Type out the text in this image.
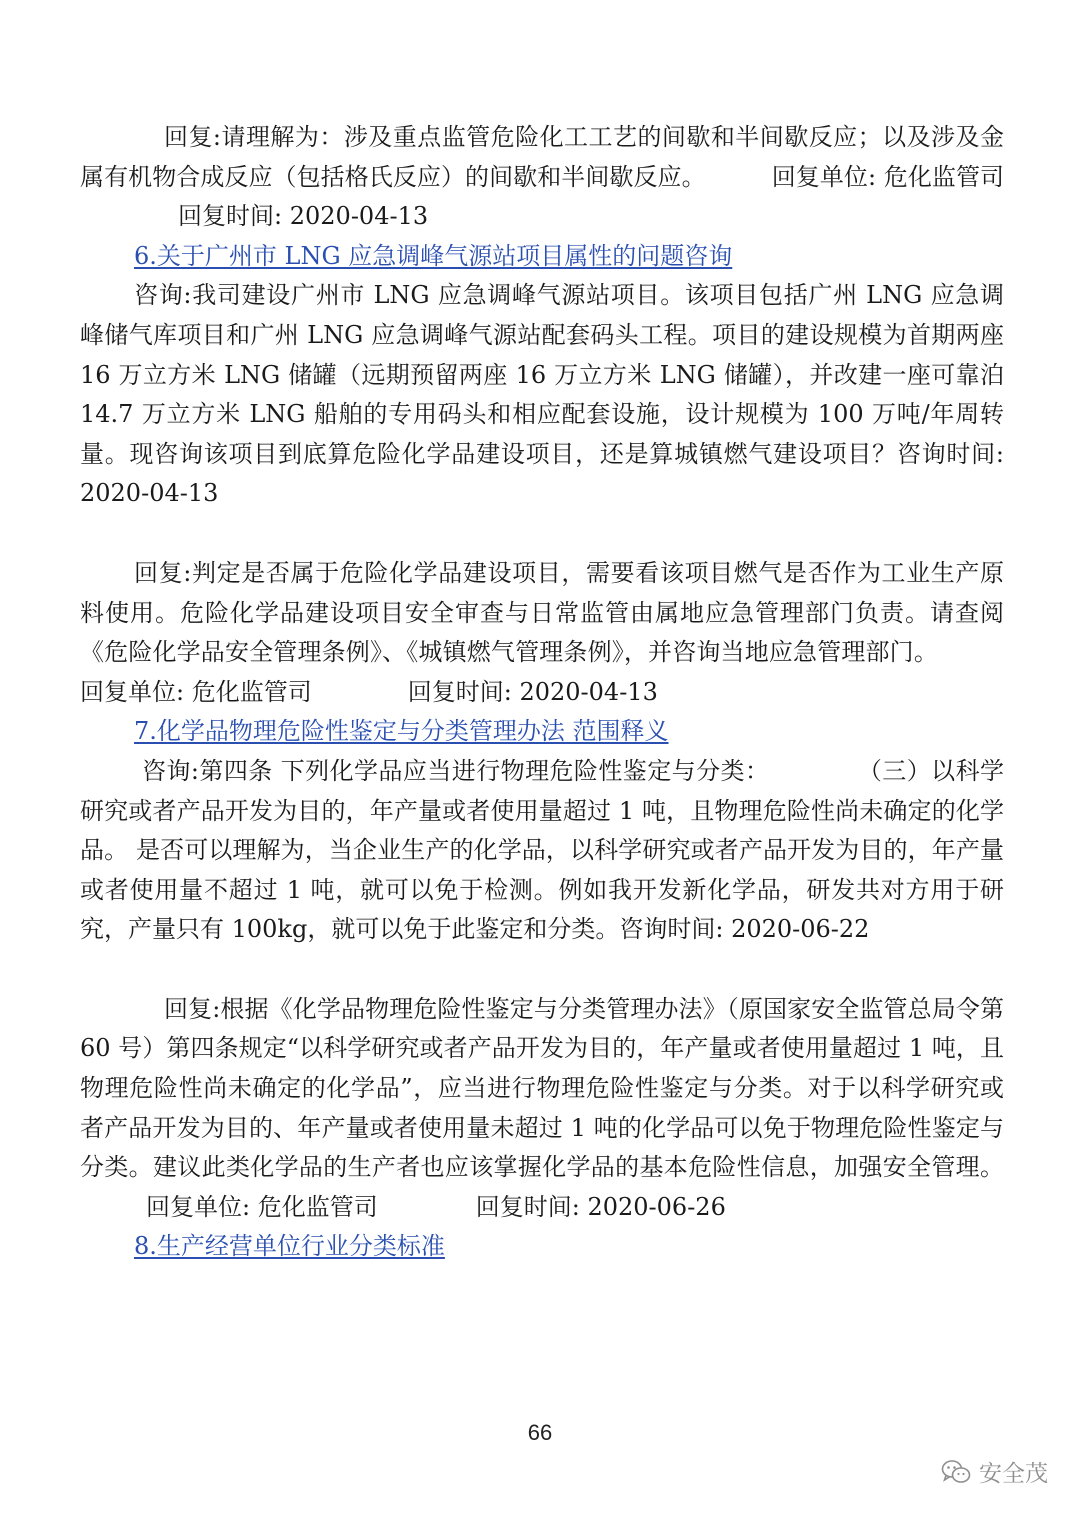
回复:请理解为：涉及重点监管危险化工工艺的间歇和半间歇反应；以及涉及金属有机物合成反应（包括格氏反应）的间歇和半间歇反应。	回复单位: 危化监管司回复时间: 2020-04-13

6.关于广州市 LNG 应急调峰气源站项目属性的问题咨询

咨询:我司建设广州市 LNG 应急调峰气源站项目。该项目包括广州 LNG 应急调峰储气库项目和广州 LNG 应急调峰气源站配套码头工程。项目的建设规模为首期两座 16 万立方米 LNG 储罐（远期预留两座 16 万立方米 LNG 储罐），并改建一座可靠泊 14.7 万立方米 LNG 船舶的专用码头和相应配套设施，设计规模为 100 万吨/年周转量。现咨询该项目到底算危险化学品建设项目，还是算城镇燃气建设项目？咨询时间: 2020-04-13

回复:判定是否属于危险化学品建设项目，需要看该项目燃气是否作为工业生产原料使用。危险化学品建设项目安全审查与日常监管由属地应急管理部门负责。请查阅《危险化学品安全管理条例》、《城镇燃气管理条例》，并咨询当地应急管理部门。回复单位: 危化监管司	回复时间: 2020-04-13

7.化学品物理危险性鉴定与分类管理办法 范围释义

咨询:第四条 下列化学品应当进行物理危险性鉴定与分类：	（三）以科学研究或者产品开发为目的，年产量或者使用量超过 1 吨，且物理危险性尚未确定的化学品。 是否可以理解为，当企业生产的化学品，以科学研究或者产品开发为目的，年产量或者使用量不超过 1 吨，就可以免于检测。例如我开发新化学品，研发共对方用于研究，产量只有 100kg，就可以免于此鉴定和分类。咨询时间: 2020-06-22

回复:根据《化学品物理危险性鉴定与分类管理办法》（原国家安全监管总局令第 60 号）第四条规定“以科学研究或者产品开发为目的，年产量或者使用量超过 1 吨，且物理危险性尚未确定的化学品”，应当进行物理危险性鉴定与分类。对于以科学研究或者产品开发为目的、年产量或者使用量未超过 1 吨的化学品可以免于物理危险性鉴定与分类。建议此类化学品的生产者也应该掌握化学品的基本危险性信息，加强安全管理。回复单位: 危化监管司	回复时间: 2020-06-26

8.生产经营单位行业分类标准

66
安全茂
